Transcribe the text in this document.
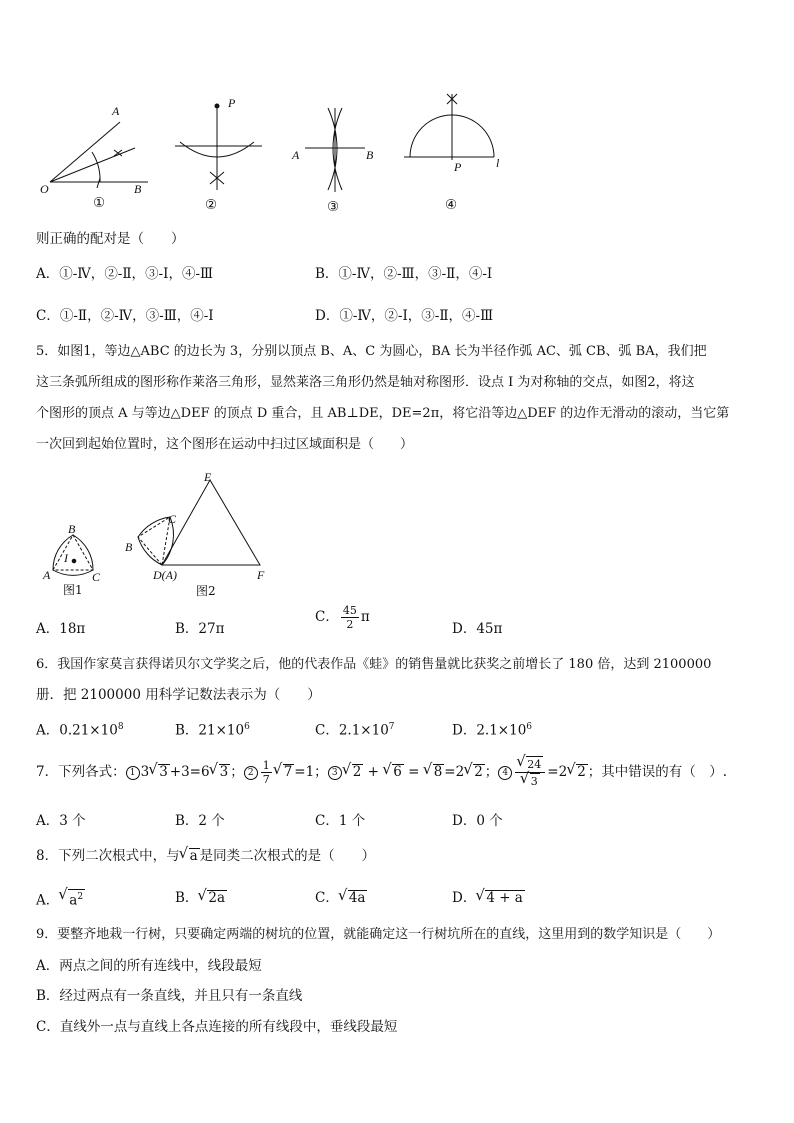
A
O	B
①
P
②
A	B
③
P	l
④
则正确的配对是（　　）
A．①-Ⅳ，②-Ⅱ，③-Ⅰ，④-Ⅲ	B．①-Ⅳ，②-Ⅲ，③-Ⅱ，④-Ⅰ
C．①-Ⅱ，②-Ⅳ，③-Ⅲ，④-Ⅰ	D．①-Ⅳ，②-Ⅰ，③-Ⅱ，④-Ⅲ
5．如图1，等边△ABC 的边长为 3，分别以顶点 B、A、C 为圆心，BA 长为半径作弧 AC、弧 CB、弧 BA，我们把
这三条弧所组成的图形称作莱洛三角形，显然莱洛三角形仍然是轴对称图形．设点 I 为对称轴的交点，如图2，将这
个图形的顶点 A 与等边△DEF 的顶点 D 重合，且 AB⊥DE，DE=2π，将它沿等边△DEF 的边作无滑动的滚动，当它第
一次回到起始位置时，这个图形在运动中扫过区域面积是（　　）
B
I
A	C
图1
E
C
B
D(A)	F
图2
A．18π	B．27π
C． $\frac{45}{2}$ π
D．45π
6．我国作家莫言获得诺贝尔文学奖之后，他的代表作品《蛙》的销售量就比获奖之前增长了 180 倍，达到 2100000
册．把 2100000 用科学记数法表示为（　　）
A．$0.21\times 10^8$	B．$21\times 10^6$	C．$2.1\times 10^7$	D．$2.1\times 10^6$
7．下列各式： 1 3 √ 3 +3=6 √ 3 ； $2 \frac{1}{7}$ √ 7 =1； 3 √ 2 + √ 6 = √ 8 =2 √ 2 ； 4 √ 24
√ 3 =2 √ 2 ；其中错误的有（　）.
A．3 个	B．2 个	C．1 个	D．0 个
8．下列二次根式中，与 √ a 是同类二次根式的是（　　）
A． √ $a^2$	B． √ 2a	C． √ 4a	D． √ 4 + a
9．要整齐地栽一行树，只要确定两端的树坑的位置，就能确定这一行树坑所在的直线，这里用到的数学知识是（　　）
A．两点之间的所有连线中，线段最短
B．经过两点有一条直线，并且只有一条直线
C．直线外一点与直线上各点连接的所有线段中，垂线段最短
